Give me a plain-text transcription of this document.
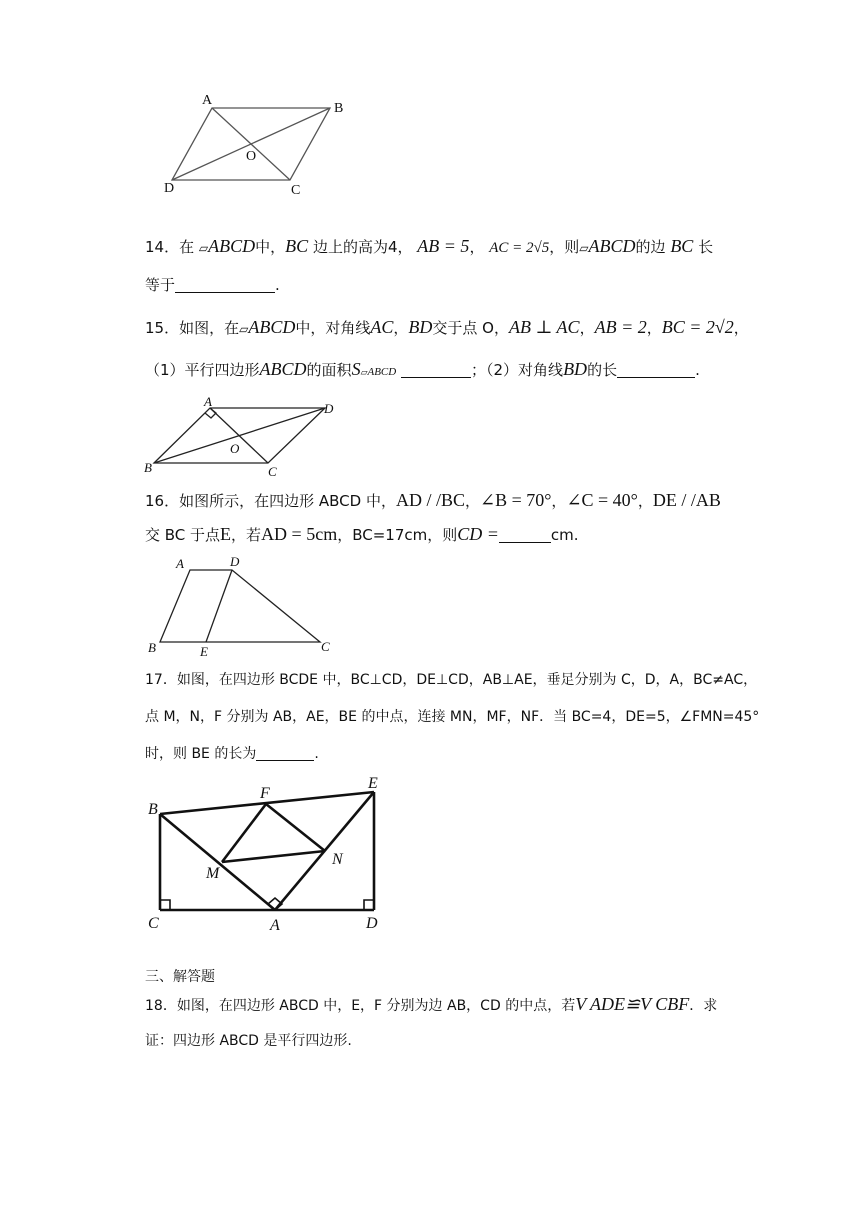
A
B
C
D
O
14．在 ▱ABCD中，BC 边上的高为4， AB = 5， AC = 2√5，则▱ABCD的边 BC 长
等于	.
15．如图，在▱ABCD中，对角线AC，BD交于点 O，AB ⊥ AC，AB = 2，BC = 2√2，
（1）平行四边形ABCD的面积S▱ABCD	；（2）对角线BD的长	.
A	D
B	C
O
16．如图所示，在四边形 ABCD 中，AD / /BC，∠B = 70°，∠C = 40°，DE / /AB
交 BC 于点E，若AD = 5cm，BC=17cm，则CD =	cm.
A	D
B	E	C
17．如图，在四边形 BCDE 中，BC⊥CD，DE⊥CD，AB⊥AE，垂足分别为 C，D，A，BC≠AC，
点 M，N，F 分别为 AB，AE，BE 的中点，连接 MN，MF，NF．当 BC=4，DE=5，∠FMN=45°
时，则 BE 的长为	.
B
F
E
M
N
C	A	D
三、解答题
18．如图，在四边形 ABCD 中，E，F 分别为边 AB，CD 的中点，若V ADE≌V CBF．求
证：四边形 ABCD 是平行四边形.
